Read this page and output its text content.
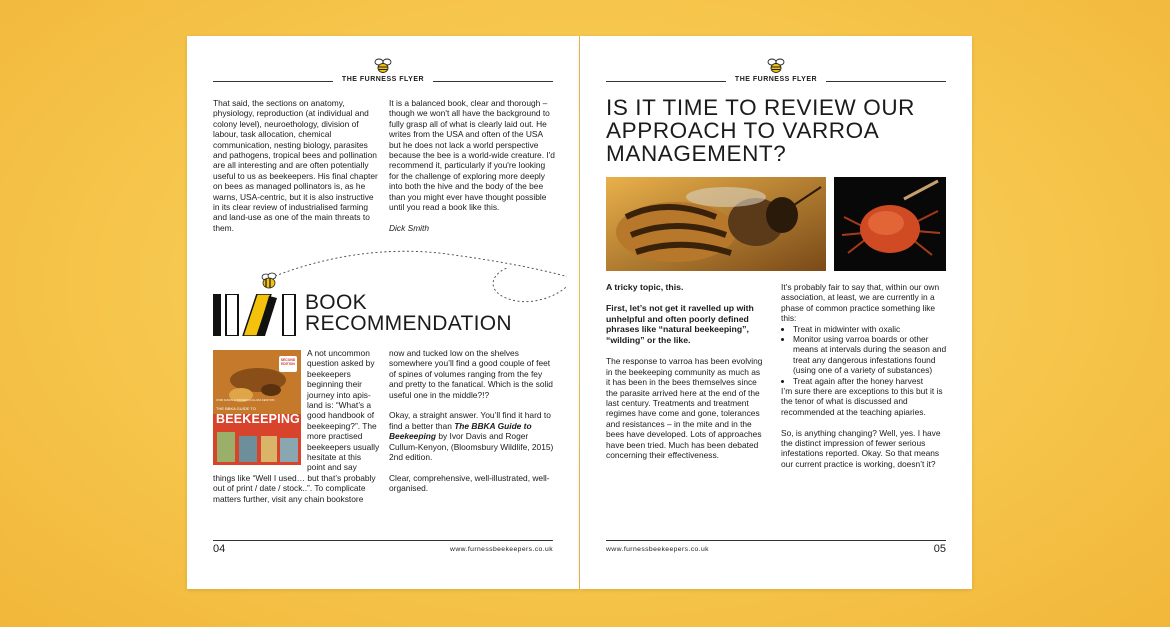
THE FURNESS FLYER
That said, the sections on anatomy, physiology, reproduction (at individual and colony level), neuroethology, division of labour, task allocation, chemical communication, nesting biology, parasites and pathogens, tropical bees and pollination are all interesting and are often potentially useful to us as beekeepers. His final chapter on bees as managed pollinators is, as he warns, USA-centric, but it is also instructive in its clear review of industrialised farming and land-use as one of the main threats to them.

It is a balanced book, clear and thorough – though we won't all have the background to fully grasp all of what is clearly laid out. He writes from the USA and often of the USA but he does not lack a world perspective because the bee is a world-wide creature. I'd recommend it, particularly if you're looking for the challenge of exploring more deeply into both the hive and the body of the bee than you might ever have thought possible until you read a book like this.

Dick Smith

BOOK
RECOMMENDATION
SECOND EDITION
THE BBKA GUIDE TO
BEEKEEPING
IVOR DAVIS & ROGER CULLUM-KENYON
A not uncommon question asked by beekeepers beginning their journey into apis-land is: “What’s a good handbook of beekeeping?”. The more practised beekeepers usually hesitate at this point and say things like “Well I used… but that’s probably out of print / date / stock..”. To complicate matters further, visit any chain bookstore

now and tucked low on the shelves somewhere you’ll find a good couple of feet of spines of volumes ranging from the fey and pretty to the fanatical. Which is the solid useful one in the middle?!?

Okay, a straight answer. You’ll find it hard to find a better than The BBKA Guide to Beekeeping by Ivor Davis and Roger Cullum-Kenyon, (Bloomsbury Wildlife, 2015) 2nd edition.

Clear, comprehensive, well-illustrated, well-organised.

04	www.furnessbeekeepers.co.uk
THE FURNESS FLYER
IS IT TIME TO REVIEW OUR APPROACH TO VARROA MANAGEMENT?

A tricky topic, this.

First, let’s not get it ravelled up with unhelpful and often poorly defined phrases like “natural beekeeping”, “wilding” or the like.

The response to varroa has been evolving in the beekeeping community as much as it has been in the bees themselves since the parasite arrived here at the end of the last century. Treatments and treatment regimes have come and gone, tolerances and resistances – in the mite and in the bees have developed. Lots of approaches have been tried. Much has been debated concerning their effectiveness.

It’s probably fair to say that, within our own association, at least, we are currently in a phase of common practice something like this:
• Treat in midwinter with oxalic
• Monitor using varroa boards or other means at intervals during the season and treat any dangerous infestations found (using one of a variety of substances)
• Treat again after the honey harvest

I’m sure there are exceptions to this but it is the tenor of what is discussed and recommended at the teaching apiaries.

So, is anything changing? Well, yes. I have the distinct impression of fewer serious infestations reported. Okay. So that means our current practice is working, doesn’t it?

www.furnessbeekeepers.co.uk	05
